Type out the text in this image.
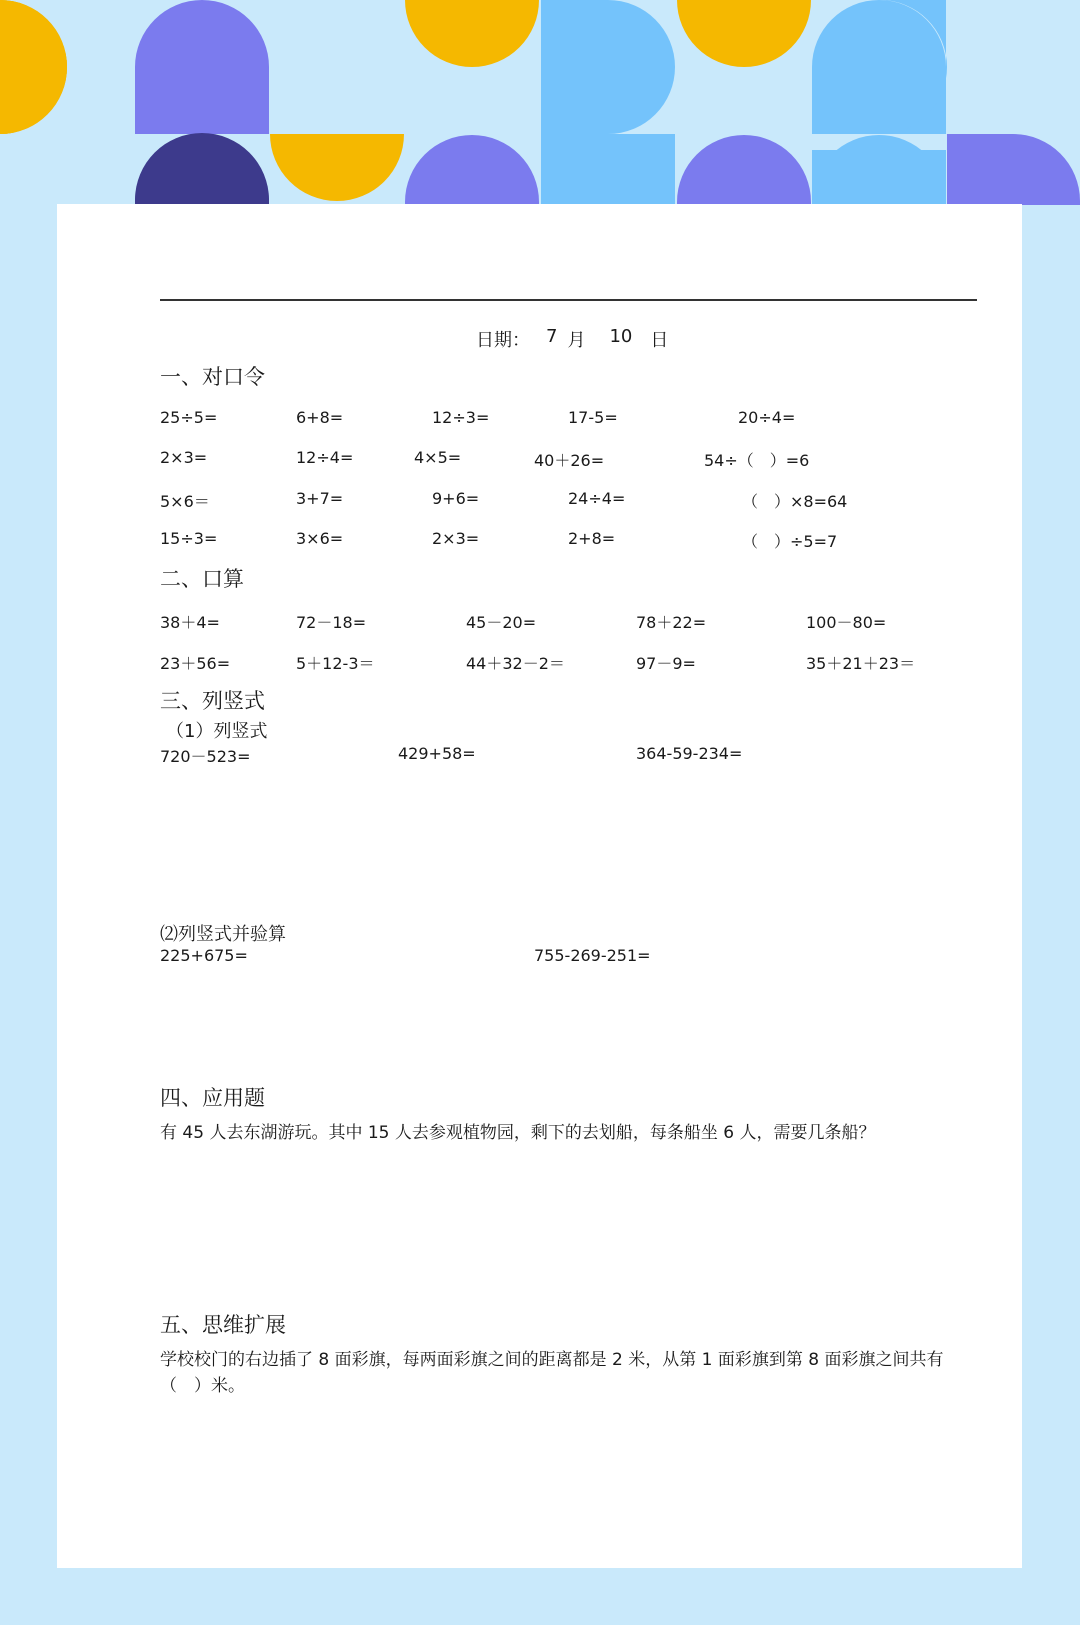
日期： 7 月 10 日
一、对口令
25÷5=	6+8=	12÷3=	17-5=	20÷4=
2×3=	12÷4=	4×5=	40＋26=	54÷（　）=6
5×6＝	3+7=	9+6=	24÷4=	（　）×8=64
15÷3=	3×6=	2×3=	2+8=	（　）÷5=7
二、口算
38＋4=	72－18=	45－20=	78＋22=	100－80=
23＋56=	5＋12-3＝	44＋32－2＝	97－9=	35＋21＋23＝
三、列竖式
（1）列竖式
720－523=	429+58=	364-59-234=
⑵列竖式并验算
225+675=	755-269-251=
四、应用题
有 45 人去东湖游玩。其中 15 人去参观植物园，剩下的去划船，每条船坐 6 人，需要几条船？
五、思维扩展
学校校门的右边插了 8 面彩旗，每两面彩旗之间的距离都是 2 米，从第 1 面彩旗到第 8 面彩旗之间共有（　）米。
